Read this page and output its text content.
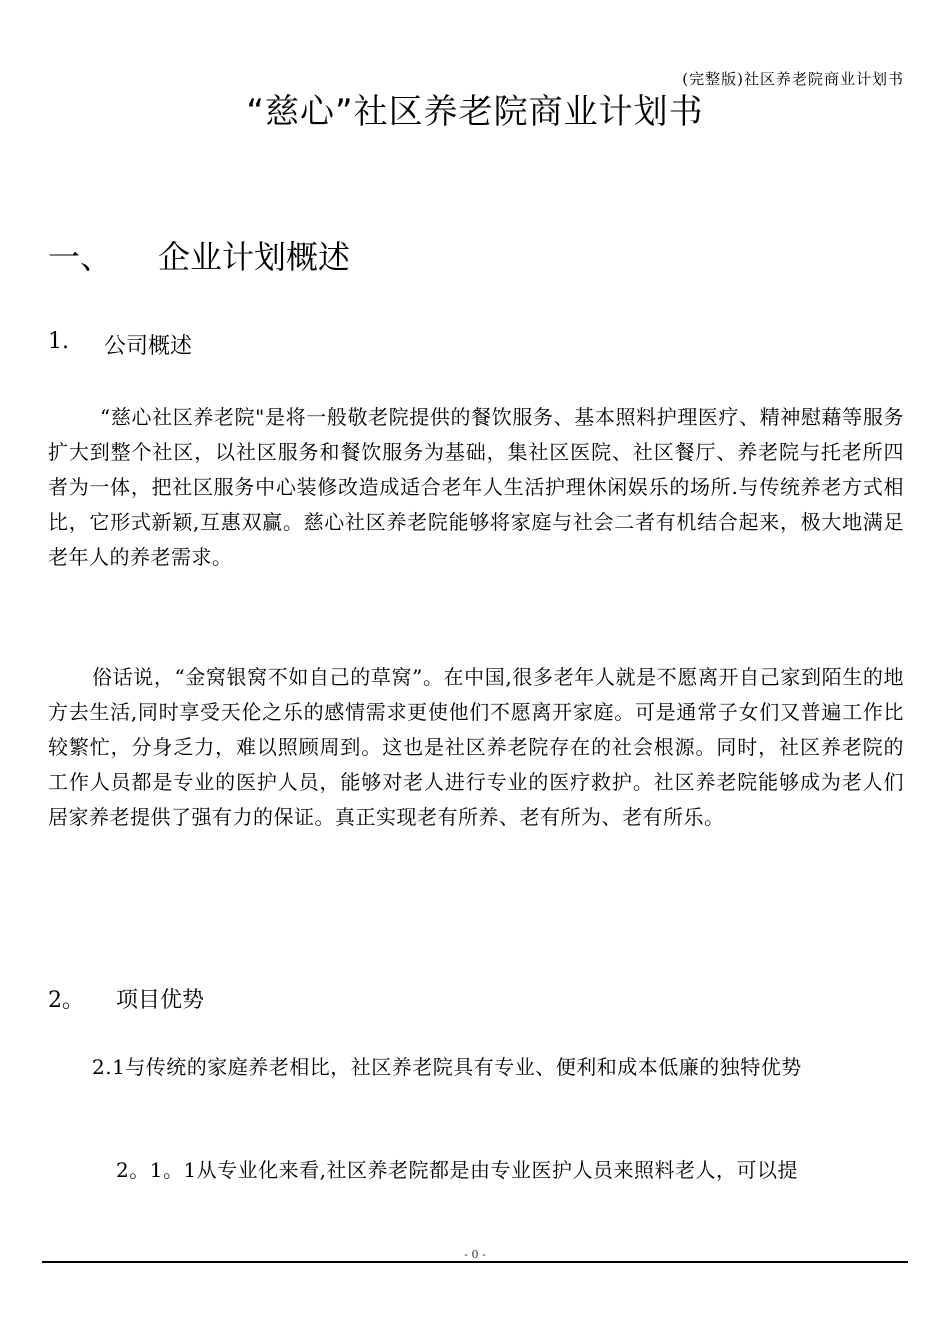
(完整版)社区养老院商业计划书
“慈心”社区养老院商业计划书
一、	企业计划概述
1.	公司概述

“慈心社区养老院"是将一般敬老院提供的餐饮服务、基本照料护理医疗、精神慰藉等服务扩大到整个社区，以社区服务和餐饮服务为基础，集社区医院、社区餐厅、养老院与托老所四者为一体，把社区服务中心装修改造成适合老年人生活护理休闲娱乐的场所.与传统养老方式相比，它形式新颖,互惠双赢。慈心社区养老院能够将家庭与社会二者有机结合起来，极大地满足老年人的养老需求。

俗话说，“金窝银窝不如自己的草窝”。在中国,很多老年人就是不愿离开自己家到陌生的地方去生活,同时享受天伦之乐的感情需求更使他们不愿离开家庭。可是通常子女们又普遍工作比较繁忙，分身乏力，难以照顾周到。这也是社区养老院存在的社会根源。同时，社区养老院的工作人员都是专业的医护人员，能够对老人进行专业的医疗救护。社区养老院能够成为老人们居家养老提供了强有力的保证。真正实现老有所养、老有所为、老有所乐。

2。	项目优势

2.1与传统的家庭养老相比，社区养老院具有专业、便利和成本低廉的独特优势

2。1。1从专业化来看,社区养老院都是由专业医护人员来照料老人，可以提

- 0 -
